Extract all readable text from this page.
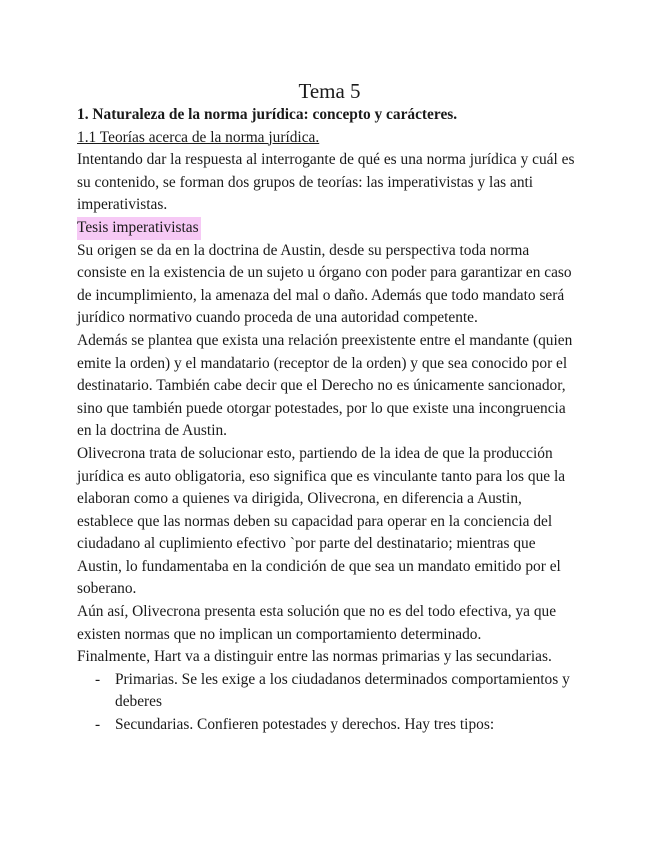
Tema 5

1. Naturaleza de la norma jurídica: concepto y carácteres.

1.1 Teorías acerca de la norma jurídica.

Intentando dar la respuesta al interrogante de qué es una norma jurídica y cuál es su contenido, se forman dos grupos de teorías: las imperativistas y las anti imperativistas.

Tesis imperativistas

Su origen se da en la doctrina de Austin, desde su perspectiva toda norma consiste en la existencia de un sujeto u órgano con poder para garantizar en caso de incumplimiento, la amenaza del mal o daño. Además que todo mandato será jurídico normativo cuando proceda de una autoridad competente.

Además se plantea que exista una relación preexistente entre el mandante (quien emite la orden) y el mandatario (receptor de la orden) y que sea conocido por el destinatario. También cabe decir que el Derecho no es únicamente sancionador, sino que también puede otorgar potestades, por lo que existe una incongruencia en la doctrina de Austin.

Olivecrona trata de solucionar esto, partiendo de la idea de que la producción jurídica es auto obligatoria, eso significa que es vinculante tanto para los que la elaboran como a quienes va dirigida, Olivecrona, en diferencia a Austin, establece que las normas deben su capacidad para operar en la conciencia del ciudadano al cuplimiento efectivo `por parte del destinatario; mientras que Austin, lo fundamentaba en la condición de que sea un mandato emitido por el soberano.

Aún así, Olivecrona presenta esta solución que no es del todo efectiva, ya que existen normas que no implican un comportamiento determinado.

Finalmente, Hart va a distinguir entre las normas primarias y las secundarias.

- Primarias. Se les exige a los ciudadanos determinados comportamientos y deberes
- Secundarias. Confieren potestades y derechos. Hay tres tipos:
